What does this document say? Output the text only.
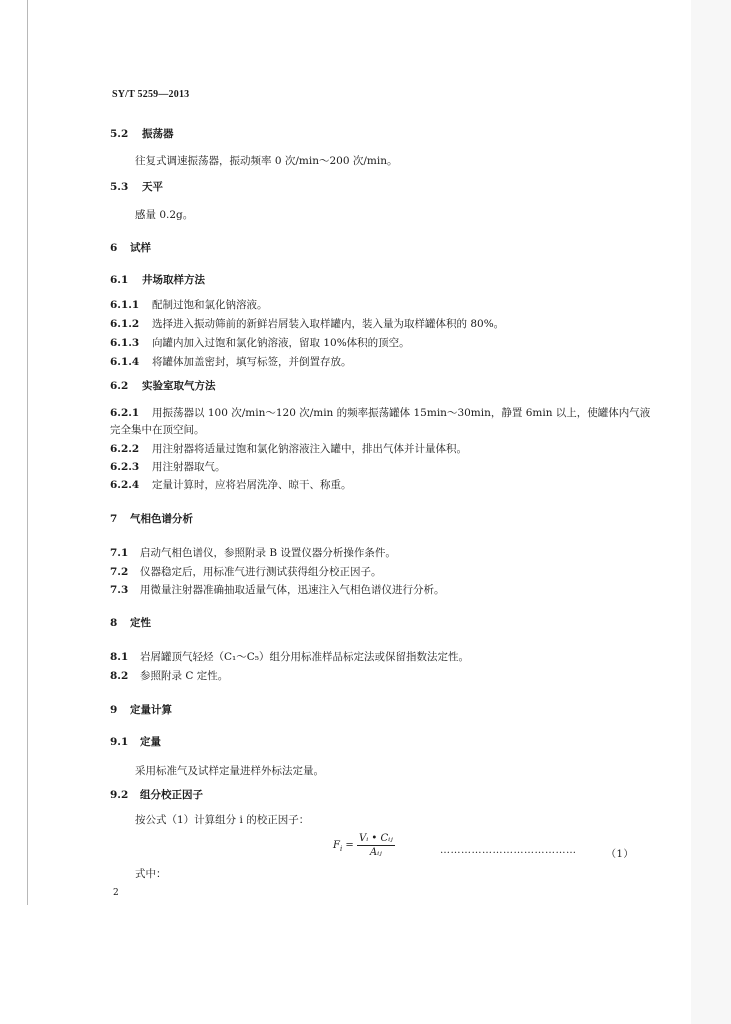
SY/T 5259—2013
5.2 振荡器
往复式调速振荡器，振动频率 0 次/min～200 次/min。
5.3 天平
感量 0.2g。
6 试样
6.1 井场取样方法
6.1.1 配制过饱和氯化钠溶液。
6.1.2 选择进入振动筛前的新鲜岩屑装入取样罐内，装入量为取样罐体积的 80%。
6.1.3 向罐内加入过饱和氯化钠溶液，留取 10%体积的顶空。
6.1.4 将罐体加盖密封，填写标签，并倒置存放。
6.2 实验室取气方法
6.2.1 用振荡器以 100 次/min～120 次/min 的频率振荡罐体 15min～30min，静置 6min 以上，使罐体内气液完全集中在顶空间。
6.2.2 用注射器将适量过饱和氯化钠溶液注入罐中，排出气体并计量体积。
6.2.3 用注射器取气。
6.2.4 定量计算时，应将岩屑洗净、晾干、称重。
7 气相色谱分析
7.1 启动气相色谱仪，参照附录 B 设置仪器分析操作条件。
7.2 仪器稳定后，用标准气进行测试获得组分校正因子。
7.3 用微量注射器准确抽取适量气体，迅速注入气相色谱仪进行分析。
8 定性
8.1 岩屑罐顶气轻烃（C₁～C₅）组分用标准样品标定法或保留指数法定性。
8.2 参照附录 C 定性。
9 定量计算
9.1 定量
采用标准气及试样定量进样外标法定量。
9.2 组分校正因子
按公式（1）计算组分 i 的校正因子：
$F_i = \frac{\text{Vᵢ • Cᵢⱼ}}{\text{Aᵢⱼ}}$	…………………………………	（1）
式中：
2
